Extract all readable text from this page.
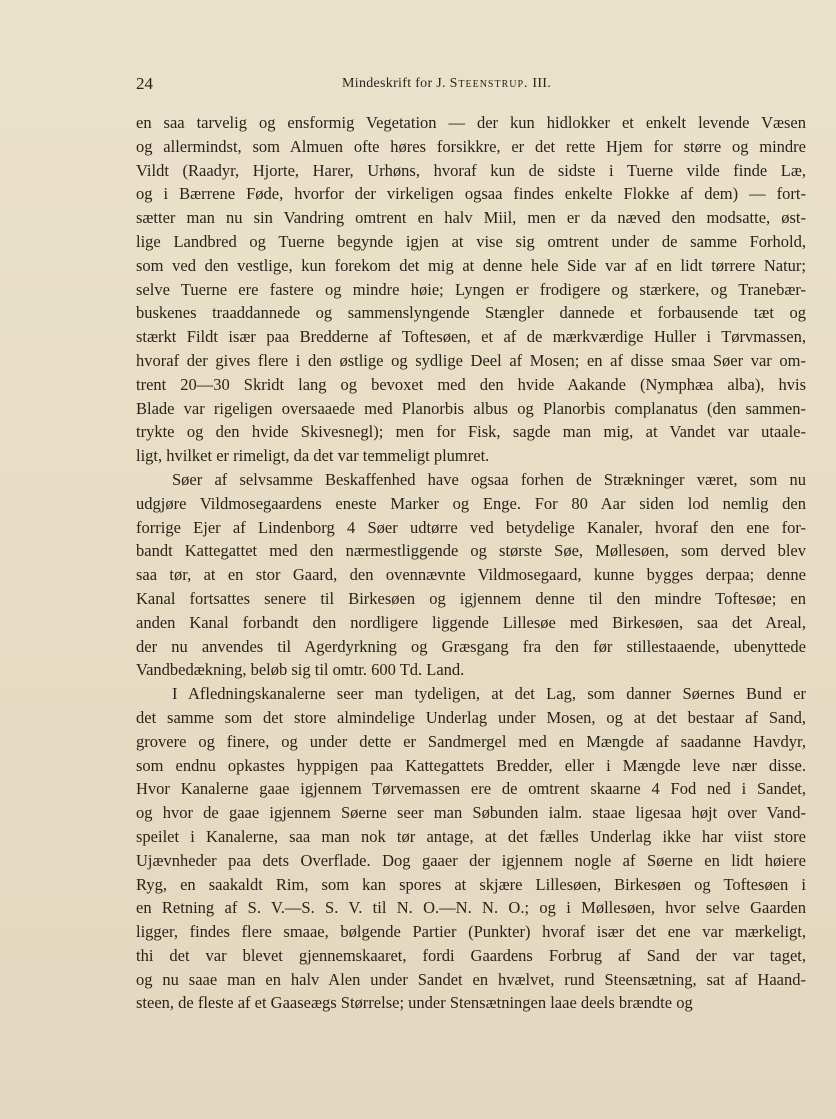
24	Mindeskrift for J. Steenstrup. III.
en saa tarvelig og ensformig Vegetation — der kun hidlokker et enkelt levende Væsen
og allermindst, som Almuen ofte høres forsikkre, er det rette Hjem for større og mindre
Vildt (Raadyr, Hjorte, Harer, Urhøns, hvoraf kun de sidste i Tuerne vilde finde Læ,
og i Bærrene Føde, hvorfor der virkeligen ogsaa findes enkelte Flokke af dem) — fort-
sætter man nu sin Vandring omtrent en halv Miil, men er da næved den modsatte, øst-
lige Landbred og Tuerne begynde igjen at vise sig omtrent under de samme Forhold,
som ved den vestlige, kun forekom det mig at denne hele Side var af en lidt tørrere Natur;
selve Tuerne ere fastere og mindre høie; Lyngen er frodigere og stærkere, og Tranebær-
buskenes traaddannede og sammenslyngende Stængler dannede et forbausende tæt og
stærkt Fildt især paa Bredderne af Toftesøen, et af de mærkværdige Huller i Tørvmassen,
hvoraf der gives flere i den østlige og sydlige Deel af Mosen; en af disse smaa Søer var om-
trent 20—30 Skridt lang og bevoxet med den hvide Aakande (Nymphæa alba), hvis
Blade var rigeligen oversaaede med Planorbis albus og Planorbis complanatus (den sammen-
trykte og den hvide Skivesnegl); men for Fisk, sagde man mig, at Vandet var utaale-
ligt, hvilket er rimeligt, da det var temmeligt plumret.
Søer af selvsamme Beskaffenhed have ogsaa forhen de Strækninger været, som nu
udgjøre Vildmosegaardens eneste Marker og Enge. For 80 Aar siden lod nemlig den
forrige Ejer af Lindenborg 4 Søer udtørre ved betydelige Kanaler, hvoraf den ene for-
bandt Kattegattet med den nærmestliggende og største Søe, Møllesøen, som derved blev
saa tør, at en stor Gaard, den ovennævnte Vildmosegaard, kunne bygges derpaa; denne
Kanal fortsattes senere til Birkesøen og igjennem denne til den mindre Toftesøe; en
anden Kanal forbandt den nordligere liggende Lillesøe med Birkesøen, saa det Areal,
der nu anvendes til Agerdyrkning og Græsgang fra den før stillestaaende, ubenyttede
Vandbedækning, beløb sig til omtr. 600 Td. Land.
I Afledningskanalerne seer man tydeligen, at det Lag, som danner Søernes Bund er
det samme som det store almindelige Underlag under Mosen, og at det bestaar af Sand,
grovere og finere, og under dette er Sandmergel med en Mængde af saadanne Havdyr,
som endnu opkastes hyppigen paa Kattegattets Bredder, eller i Mængde leve nær disse.
Hvor Kanalerne gaae igjennem Tørvemassen ere de omtrent skaarne 4 Fod ned i Sandet,
og hvor de gaae igjennem Søerne seer man Søbunden ialm. staae ligesaa højt over Vand-
speilet i Kanalerne, saa man nok tør antage, at det fælles Underlag ikke har viist store
Ujævnheder paa dets Overflade. Dog gaaer der igjennem nogle af Søerne en lidt høiere
Ryg, en saakaldt Rim, som kan spores at skjære Lillesøen, Birkesøen og Toftesøen i
en Retning af S. V.—S. S. V. til N. O.—N. N. O.; og i Møllesøen, hvor selve Gaarden
ligger, findes flere smaae, bølgende Partier (Punkter) hvoraf især det ene var mærkeligt,
thi det var blevet gjennemskaaret, fordi Gaardens Forbrug af Sand der var taget,
og nu saae man en halv Alen under Sandet en hvælvet, rund Steensætning, sat af Haand-
steen, de fleste af et Gaaseægs Størrelse; under Stensætningen laae deels brændte og
